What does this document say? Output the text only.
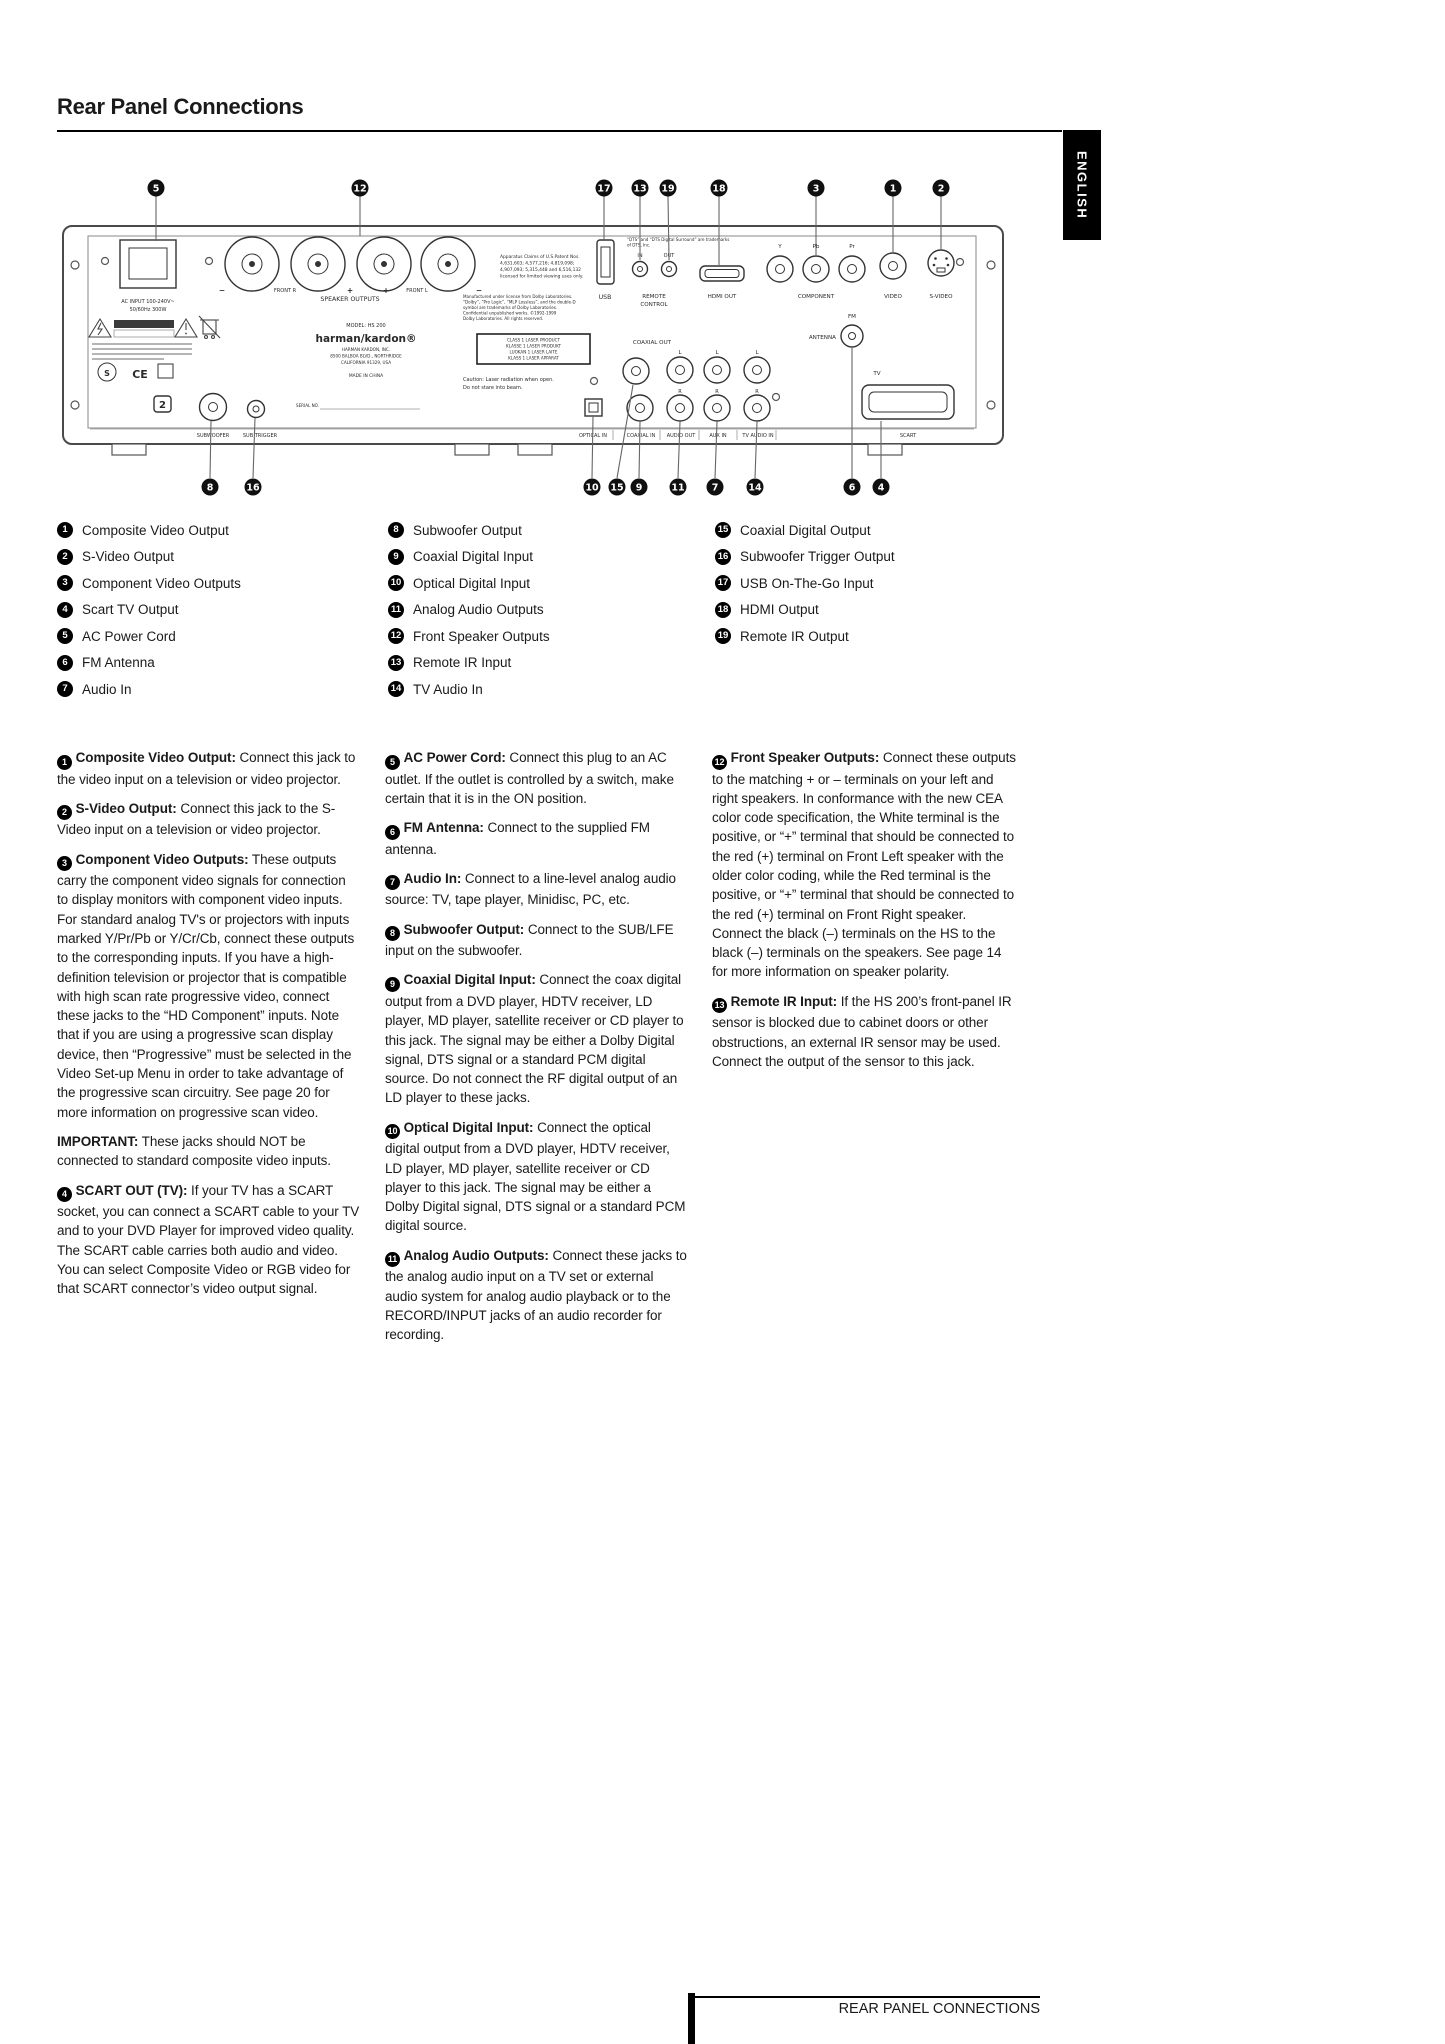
Rear Panel Connections
ENGLISH
AC INPUT 100-240V~
50/60Hz 300W
S CE
2
SUBWOOFER	SUB TRIGGER
SERIAL NO.
−	FRONT R	+	+	FRONT L	−
SPEAKER OUTPUTS
Apparatus Claims of U.S.Patent Nos.
4,631,603; 4,577,216; 4,819,098;
4,907,093; 5,315,448 and 6,516,132
licensed for limited viewing uses only.
Manufactured under license from Dolby Laboratories.
“Dolby”, “Pro Logic”, “MLP Lossless”, and the double-D
symbol are trademarks of Dolby Laboratories.
Confidential unpublished works. ©1992-1999
Dolby Laboratories. All rights reserved.
MODEL: HS 200
harman/kardon®
HARMAN KARDON, INC.
8500 BALBOA BLVD., NORTHRIDGE
CALIFORNIA 91329, USA
MADE IN CHINA
CLASS 1 LASER PRODUCT
KLASSE 1 LASER PRODUKT
LUOKAN 1 LASER LAITE
KLASS 1 LASER APPARAT
Caution: Laser radiation when open.
Do not stare into beam.
USB
“DTS” and “DTS Digital Surround” are trademarks
of DTS, Inc.
IN	OUT
REMOTE
CONTROL
HDMI OUT
Y	Pb	Pr
COMPONENT	VIDEO	S-VIDEO
FM
ANTENNA
COAXIAL OUT
L	L	L
R	R	R
TV
OPTICAL IN	COAXIAL IN AUDIO OUT	AUX IN	TV AUDIO IN	SCART
5	12	17 13 19	18	3	1	2
8	16	10 15 9	11	7	14	6 4
1	Composite Video Output
2	S-Video Output
3	Component Video Outputs
4	Scart TV Output
5	AC Power Cord
6	FM Antenna
7	Audio In
8	Subwoofer Output
9	Coaxial Digital Input
10 Optical Digital Input
11 Analog Audio Outputs
12 Front Speaker Outputs
13 Remote IR Input
14 TV Audio In
15 Coaxial Digital Output
16 Subwoofer Trigger Output
17 USB On-The-Go Input
18 HDMI Output
19 Remote IR Output

1 Composite Video Output: Connect this jack to the video input on a television or video projector.

2 S-Video Output: Connect this jack to the S-Video input on a television or video projector.

3 Component Video Outputs: These outputs carry the component video signals for connection to display monitors with component video inputs. For standard analog TV's or projectors with inputs marked Y/Pr/Pb or Y/Cr/Cb, connect these outputs to the corresponding inputs. If you have a high-definition television or projector that is compatible with high scan rate progressive video, connect these jacks to the “HD Component” inputs. Note that if you are using a progressive scan display device, then “Progressive” must be selected in the Video Set-up Menu in order to take advantage of the progressive scan circuitry. See page 20 for more information on progressive scan video.

IMPORTANT: These jacks should NOT be connected to standard composite video inputs.

4 SCART OUT (TV): If your TV has a SCART socket, you can connect a SCART cable to your TV and to your DVD Player for improved video quality. The SCART cable carries both audio and video. You can select Composite Video or RGB video for that SCART connector’s video output signal.

5 AC Power Cord: Connect this plug to an AC outlet. If the outlet is controlled by a switch, make certain that it is in the ON position.

6 FM Antenna: Connect to the supplied FM antenna.

7 Audio In: Connect to a line-level analog audio source: TV, tape player, Minidisc, PC, etc.

8 Subwoofer Output: Connect to the SUB/LFE input on the subwoofer.

9 Coaxial Digital Input: Connect the coax digital output from a DVD player, HDTV receiver, LD player, MD player, satellite receiver or CD player to this jack. The signal may be either a Dolby Digital signal, DTS signal or a standard PCM digital source. Do not connect the RF digital output of an LD player to these jacks.

10 Optical Digital Input: Connect the optical digital output from a DVD player, HDTV receiver, LD player, MD player, satellite receiver or CD player to this jack. The signal may be either a Dolby Digital signal, DTS signal or a standard PCM digital source.

11 Analog Audio Outputs: Connect these jacks to the analog audio input on a TV set or external audio system for analog audio playback or to the RECORD/INPUT jacks of an audio recorder for recording.

12 Front Speaker Outputs: Connect these outputs to the matching + or – terminals on your left and right speakers. In conformance with the new CEA color code specification, the White terminal is the positive, or “+” terminal that should be connected to the red (+) terminal on Front Left speaker with the older color coding, while the Red terminal is the positive, or “+” terminal that should be connected to the red (+) terminal on Front Right speaker. Connect the black (–) terminals on the HS to the black (–) terminals on the speakers. See page 14 for more information on speaker polarity.

13 Remote IR Input: If the HS 200’s front-panel IR sensor is blocked due to cabinet doors or other obstructions, an external IR sensor may be used. Connect the output of the sensor to this jack.

REAR PANEL CONNECTIONS
